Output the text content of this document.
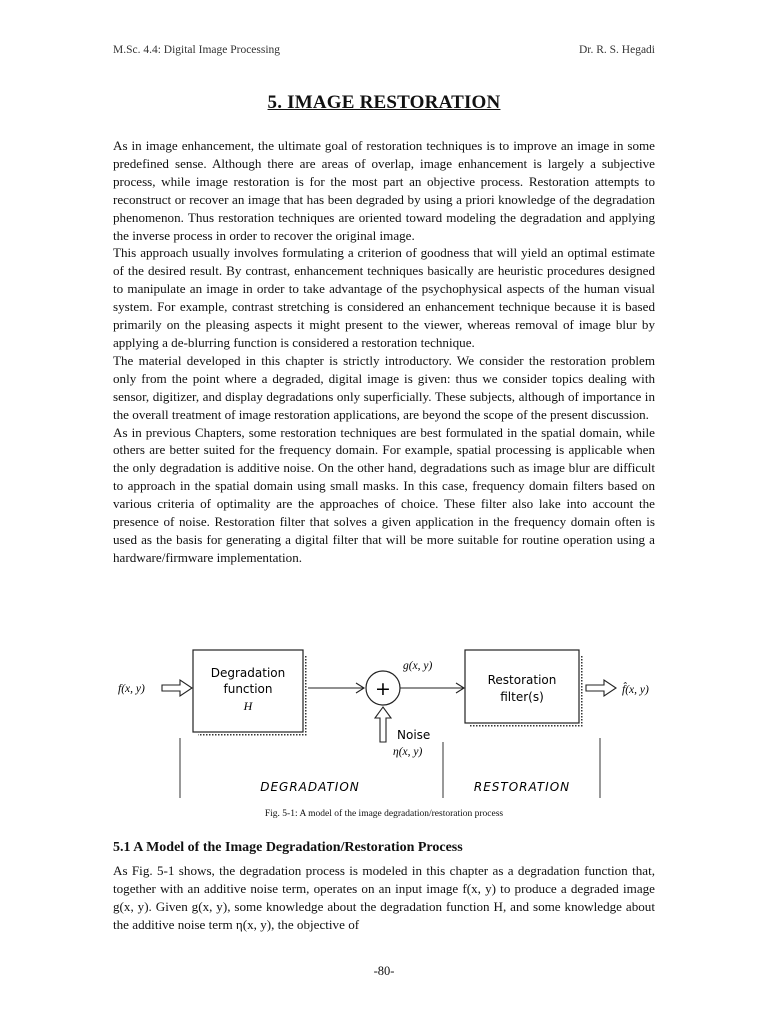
M.Sc. 4.4: Digital Image Processing	Dr. R. S. Hegadi
5. IMAGE RESTORATION

As in image enhancement, the ultimate goal of restoration techniques is to improve an image in some predefined sense. Although there are areas of overlap, image enhancement is largely a subjective process, while image restoration is for the most part an objective process. Restoration attempts to reconstruct or recover an image that has been degraded by using a priori knowledge of the degradation phenomenon. Thus restoration techniques are oriented toward modeling the degradation and applying the inverse process in order to recover the original image.

This approach usually involves formulating a criterion of goodness that will yield an optimal estimate of the desired result. By contrast, enhancement techniques basically are heuristic procedures designed to manipulate an image in order to take advantage of the psychophysical aspects of the human visual system. For example, contrast stretching is considered an enhancement technique because it is based primarily on the pleasing aspects it might present to the viewer, whereas removal of image blur by applying a de-blurring function is considered a restoration technique.

The material developed in this chapter is strictly introductory. We consider the restoration problem only from the point where a degraded, digital image is given: thus we consider topics dealing with sensor, digitizer, and display degradations only superficially. These subjects, although of importance in the overall treatment of image restoration applications, are beyond the scope of the present discussion.

As in previous Chapters, some restoration techniques are best formulated in the spatial domain, while others are better suited for the frequency domain. For example, spatial processing is applicable when the only degradation is additive noise. On the other hand, degradations such as image blur are difficult to approach in the spatial domain using small masks. In this case, frequency domain filters based on various criteria of optimality are the approaches of choice. These filter also lake into account the presence of noise. Restoration filter that solves a given application in the frequency domain often is used as the basis for generating a digital filter that will be more suitable for routine operation using a hardware/firmware implementation.

f(x, y)
Degradation
function
H
+
Noise
η(x, y)
g(x, y)
Restoration
filter(s)	f̂(x, y)
DEGRADATION	RESTORATION
Fig. 5-1: A model of the image degradation/restoration process
5.1 A Model of the Image Degradation/Restoration Process

As Fig. 5-1 shows, the degradation process is modeled in this chapter as a degradation function that, together with an additive noise term, operates on an input image f(x, y) to produce a degraded image g(x, y). Given g(x, y), some knowledge about the degradation function H, and some knowledge about the additive noise term η(x, y), the objective of

-80-
